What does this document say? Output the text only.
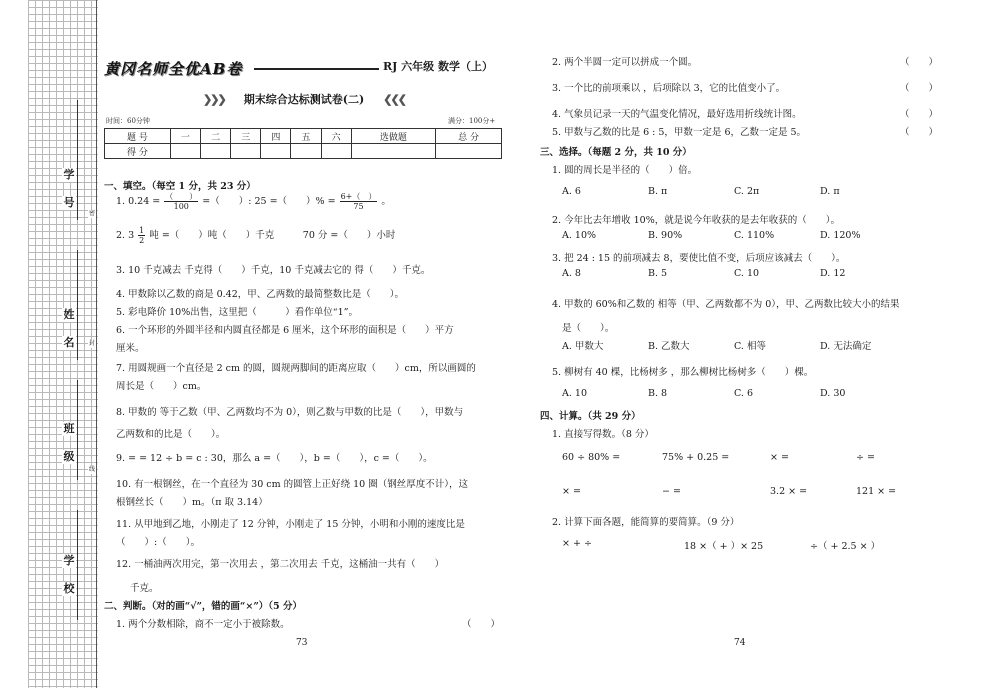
学
号
姓
名
班
级
学
校
密
封
线
黄冈名师全优AB卷	RJ 六年级 数学（上）
❯❯❯ 期末综合达标测试卷(二) ❮❮❮
时间：60分钟	满分：100分+
题 号	一	二	三	四	五	六	选做题	总 分
得 分								
一、填空。（每空 1 分，共 23 分）
1. $0.24 = \frac{( )}{100}$ =（　　）: 25 =（　　）% = $\frac{6+( )}{75}$ 。
2. $3 \frac{1}{2}$ 吨 =（　　）吨（　　）千克　　　70 分 =（　　）小时
3. 10 千克减去 千克得（　　）千克，10 千克减去它的 得（　　）千克。
4. 甲数除以乙数的商是 0.42，甲、乙两数的最简整数比是（　　）。
5. 彩电降价 10%出售，这里把（　　　）看作单位“1”。
6. 一个环形的外圆半径和内圆直径都是 6 厘米，这个环形的面积是（　　）平方
厘米。
7. 用圆规画一个直径是 2 cm 的圆，圆规两脚间的距离应取（　　）cm，所以画圆的
周长是（　　）cm。
8. 甲数的 等于乙数（甲、乙两数均不为 0），则乙数与甲数的比是（　　），甲数与
乙两数和的比是（　　）。
9. = = 12 ÷ b = c : 30，那么 a =（　　），b =（　　），c =（　　）。
10. 有一根钢丝，在一个直径为 30 cm 的圆管上正好绕 10 圈（钢丝厚度不计），这
根钢丝长（　　）m。（π 取 3.14）
11. 从甲地到乙地，小刚走了 12 分钟，小刚走了 15 分钟，小明和小刚的速度比是
（　　）:（　　）。
12. 一桶油两次用完，第一次用去 ，第二次用去 千克，这桶油一共有（　　）
千克。
二、判断。（对的画“√”，错的画“×”）（5 分）
1. 两个分数相除，商不一定小于被除数。	（　　）
73
2. 两个半圆一定可以拼成一个圆。	（　　）
3. 一个比的前项乘以 ，后项除以 3，它的比值变小了。	（　　）
4. 气象员记录一天的气温变化情况，最好选用折线统计图。	（　　）
5. 甲数与乙数的比是 6 : 5，甲数一定是 6，乙数一定是 5。	（　　）
三、选择。（每题 2 分，共 10 分）
1. 圆的周长是半径的（　　）倍。
A. 6	B. π	C. 2π	D. π
2. 今年比去年增收 10%，就是说今年收获的是去年收获的（　　）。
A. 10%	B. 90%	C. 110%	D. 120%
3. 把 24 : 15 的前项减去 8，要使比值不变，后项应该减去（　　）。
A. 8	B. 5	C. 10	D. 12
4. 甲数的 60%和乙数的 相等（甲、乙两数都不为 0），甲、乙两数比较大小的结果
是（　　）。
A. 甲数大	B. 乙数大	C. 相等	D. 无法确定
5. 柳树有 40 棵，比杨树多 ，那么柳树比杨树多（　　）棵。
A. 10	B. 8	C. 6	D. 30
四、计算。（共 29 分）
1. 直接写得数。（8 分）
60 ÷ 80% =	75% + 0.25 =	× =	÷ =
× =	− =	3.2 × =	121 × =
2. 计算下面各题，能简算的要简算。（9 分）
× + ÷	18 ×（ + ）× 25	÷（ + 2.5 × ）
74
